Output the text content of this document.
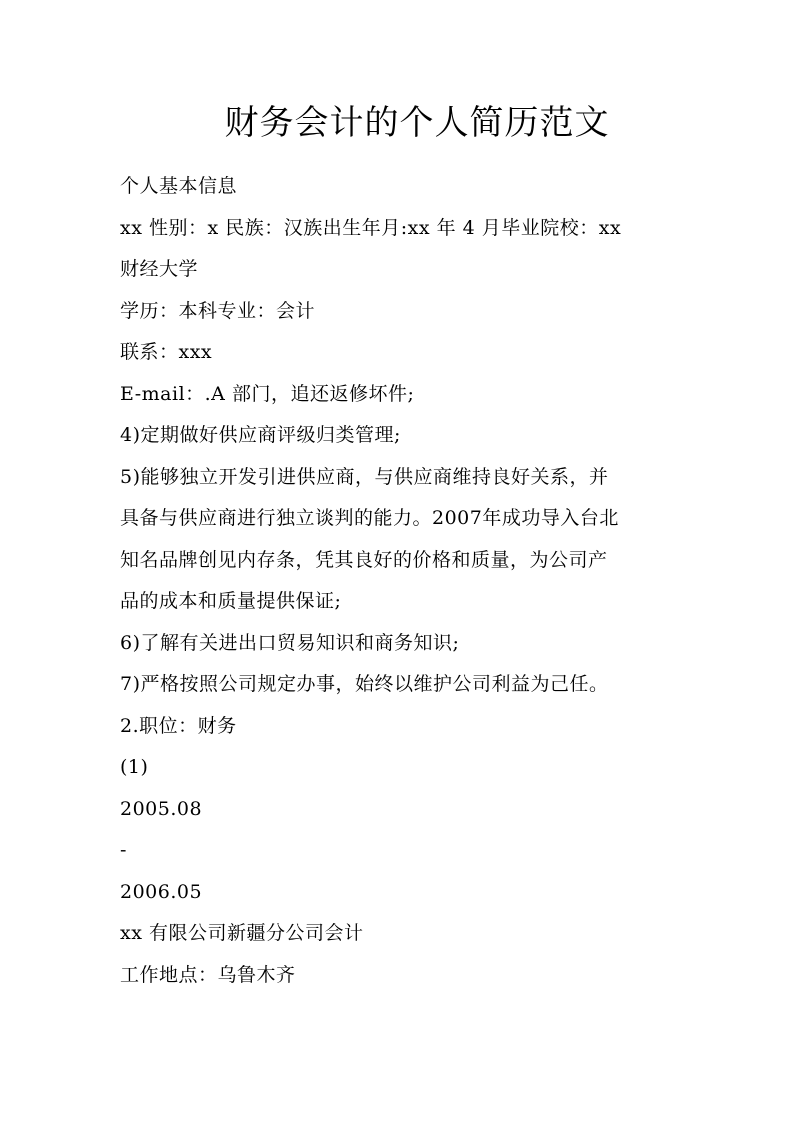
财务会计的个人简历范文
个人基本信息
xx 性别：x 民族：汉族出生年月:xx 年 4 月毕业院校：xx
财经大学
学历：本科专业：会计
联系：xxx
E-mail：.A 部门，追还返修坏件;
4)定期做好供应商评级归类管理;
5)能够独立开发引进供应商，与供应商维持良好关系，并
具备与供应商进行独立谈判的能力。2007年成功导入台北
知名品牌创见内存条，凭其良好的价格和质量，为公司产
品的成本和质量提供保证;
6)了解有关进出口贸易知识和商务知识;
7)严格按照公司规定办事，始终以维护公司利益为己任。
2.职位：财务
(1)
2005.08
-
2006.05
xx 有限公司新疆分公司会计
工作地点：乌鲁木齐
